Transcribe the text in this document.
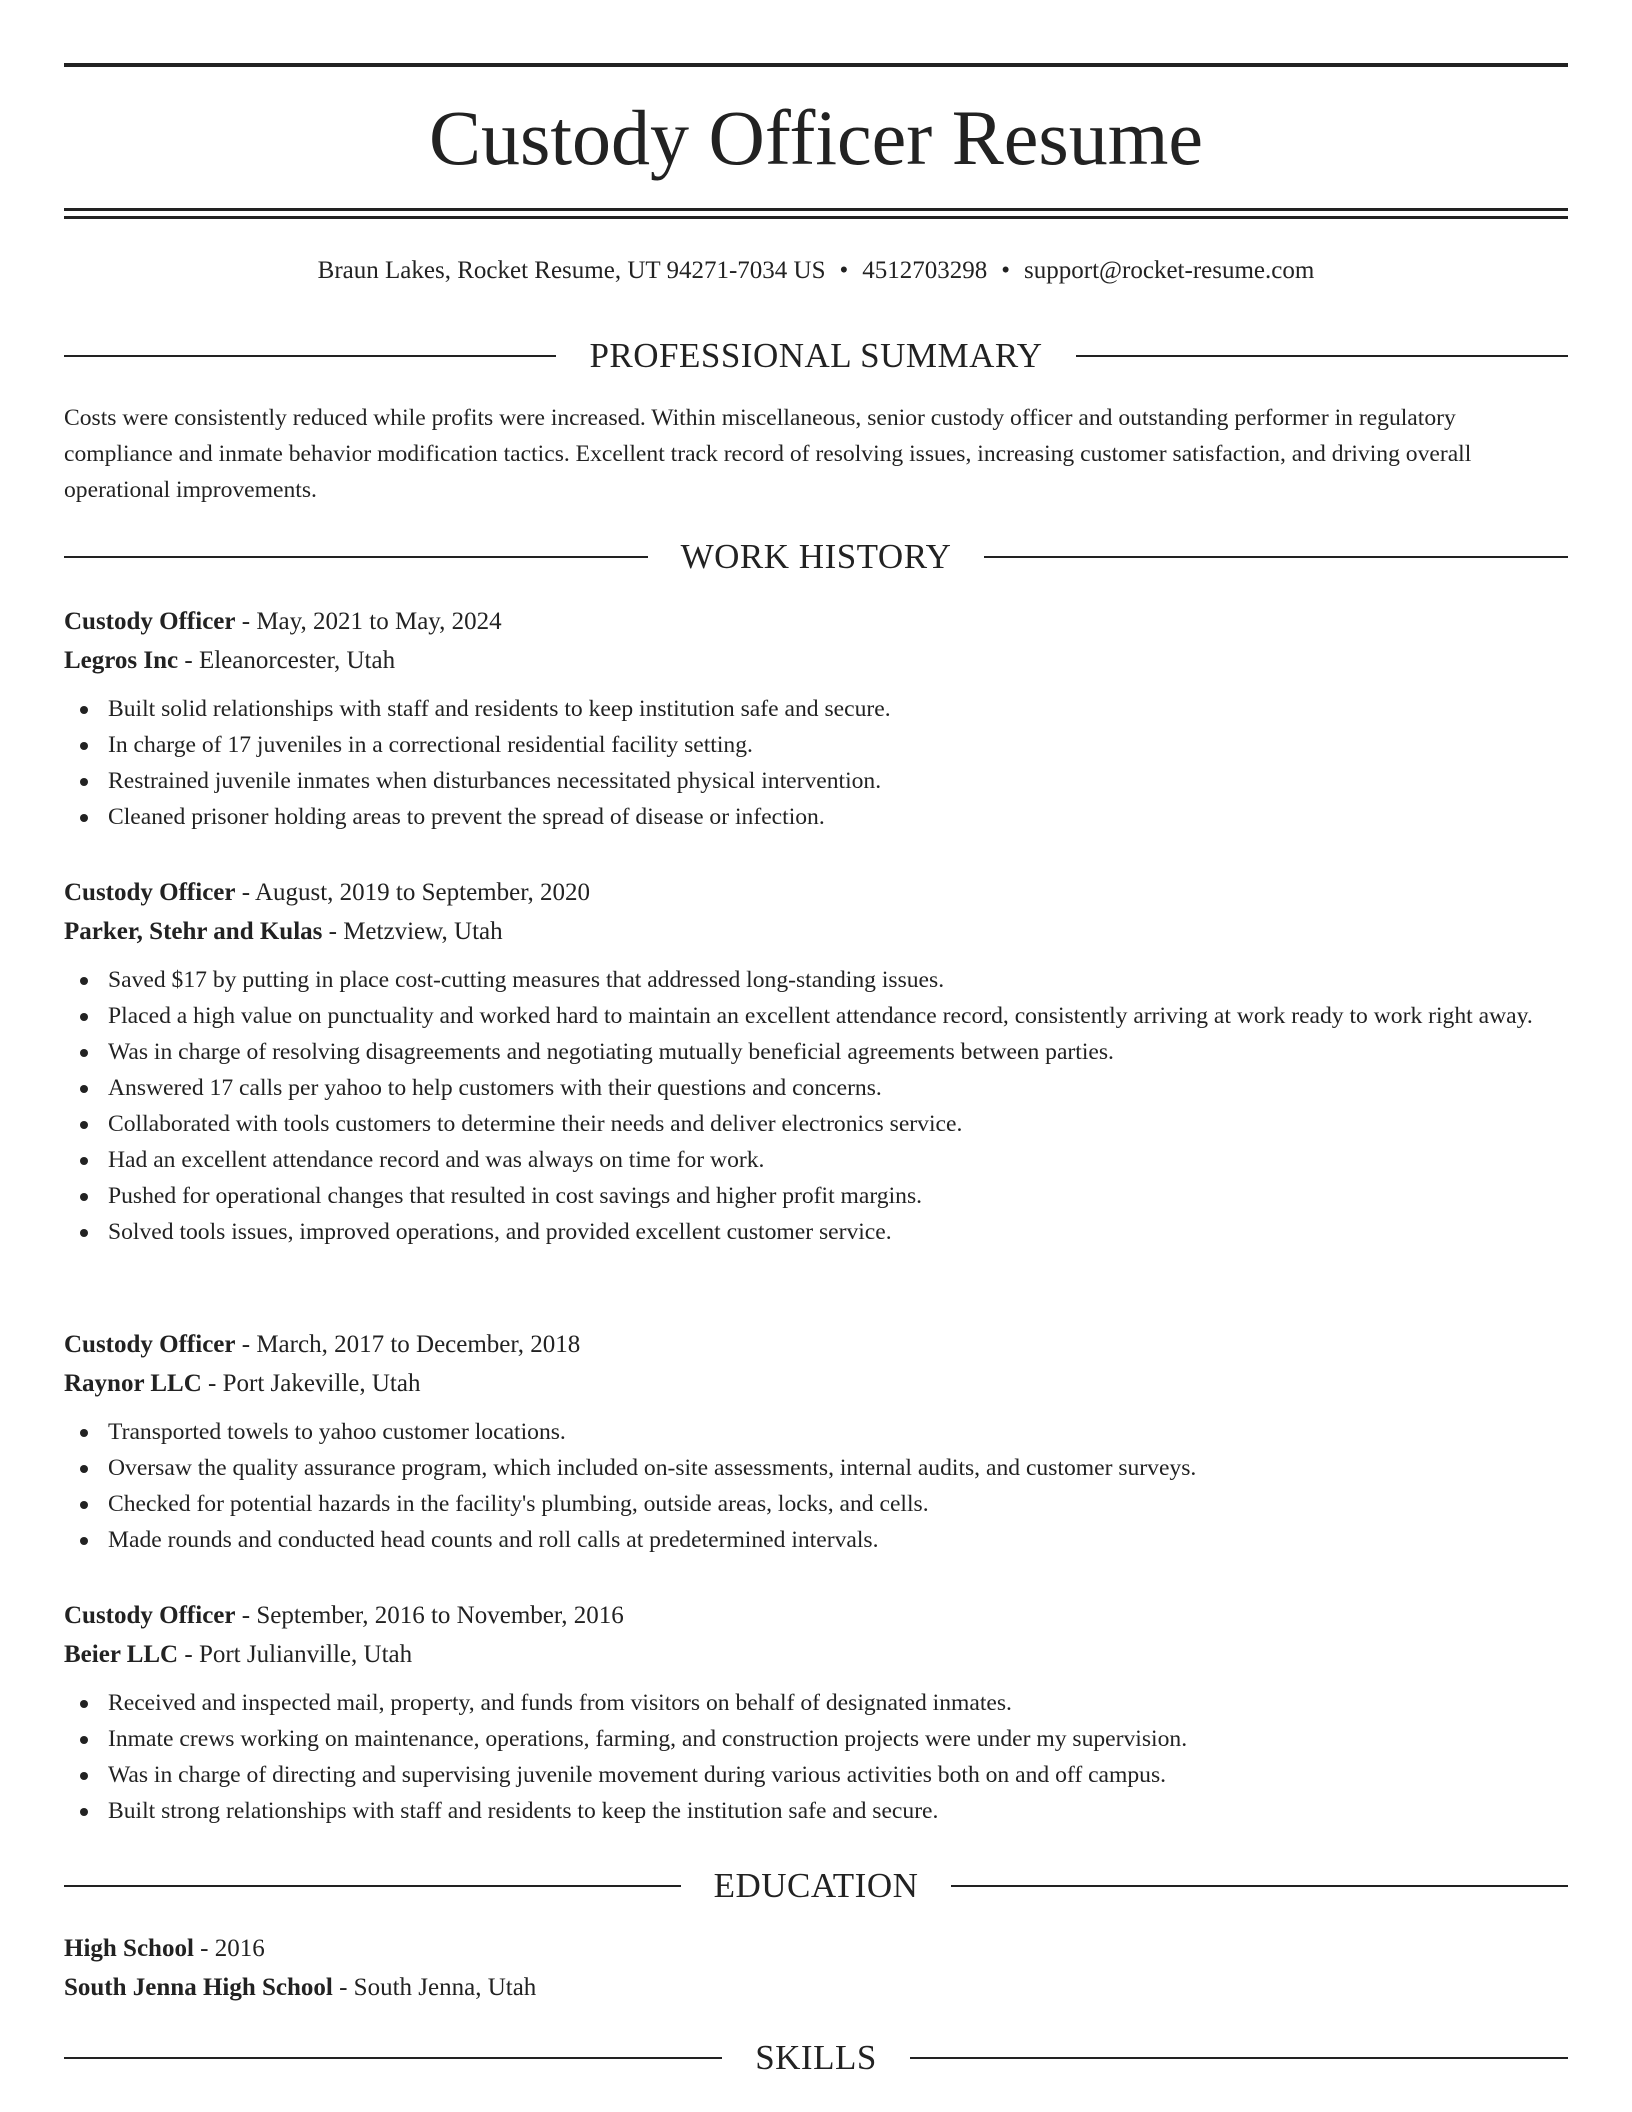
Custody Officer Resume
Braun Lakes, Rocket Resume, UT 94271-7034 US • 4512703298 • support@rocket-resume.com
PROFESSIONAL SUMMARY

Costs were consistently reduced while profits were increased. Within miscellaneous, senior custody officer and outstanding performer in regulatory compliance and inmate behavior modification tactics. Excellent track record of resolving issues, increasing customer satisfaction, and driving overall operational improvements.

WORK HISTORY
Custody Officer - May, 2021 to May, 2024
Legros Inc - Eleanorcester, Utah
Built solid relationships with staff and residents to keep institution safe and secure.
In charge of 17 juveniles in a correctional residential facility setting.
Restrained juvenile inmates when disturbances necessitated physical intervention.
Cleaned prisoner holding areas to prevent the spread of disease or infection.
Custody Officer - August, 2019 to September, 2020
Parker, Stehr and Kulas - Metzview, Utah
Saved $17 by putting in place cost-cutting measures that addressed long-standing issues.
Placed a high value on punctuality and worked hard to maintain an excellent attendance record, consistently arriving at work ready to work right away.
Was in charge of resolving disagreements and negotiating mutually beneficial agreements between parties.
Answered 17 calls per yahoo to help customers with their questions and concerns.
Collaborated with tools customers to determine their needs and deliver electronics service.
Had an excellent attendance record and was always on time for work.
Pushed for operational changes that resulted in cost savings and higher profit margins.
Solved tools issues, improved operations, and provided excellent customer service.
Custody Officer - March, 2017 to December, 2018
Raynor LLC - Port Jakeville, Utah
Transported towels to yahoo customer locations.
Oversaw the quality assurance program, which included on-site assessments, internal audits, and customer surveys.
Checked for potential hazards in the facility's plumbing, outside areas, locks, and cells.
Made rounds and conducted head counts and roll calls at predetermined intervals.
Custody Officer - September, 2016 to November, 2016
Beier LLC - Port Julianville, Utah
Received and inspected mail, property, and funds from visitors on behalf of designated inmates.
Inmate crews working on maintenance, operations, farming, and construction projects were under my supervision.
Was in charge of directing and supervising juvenile movement during various activities both on and off campus.
Built strong relationships with staff and residents to keep the institution safe and secure.
EDUCATION
High School - 2016
South Jenna High School - South Jenna, Utah
SKILLS
